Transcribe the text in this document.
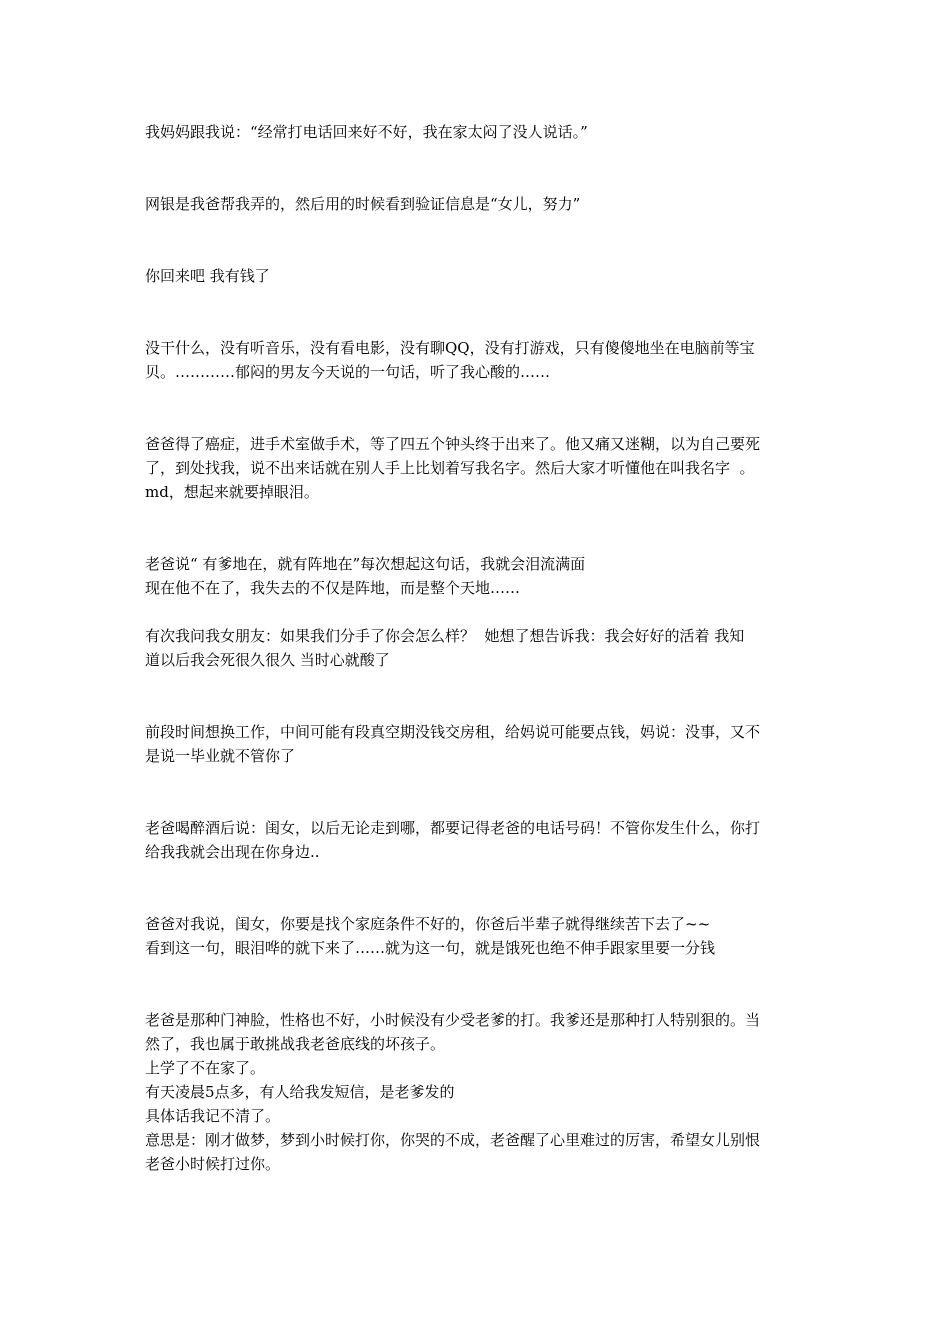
我妈妈跟我说：“经常打电话回来好不好，我在家太闷了没人说话。”
网银是我爸帮我弄的，然后用的时候看到验证信息是“女儿，努力”
你回来吧 我有钱了
没干什么，没有听音乐，没有看电影，没有聊QQ，没有打游戏，只有傻傻地坐在电脑前等宝
贝。…………郁闷的男友今天说的一句话，听了我心酸的……
爸爸得了癌症，进手术室做手术，等了四五个钟头终于出来了。他又痛又迷糊，以为自己要死
了，到处找我，说不出来话就在别人手上比划着写我名字。然后大家才听懂他在叫我名字  。
md，想起来就要掉眼泪。
老爸说“ 有爹地在，就有阵地在”每次想起这句话，我就会泪流满面
现在他不在了，我失去的不仅是阵地，而是整个天地……
有次我问我女朋友：如果我们分手了你会怎么样？  她想了想告诉我：我会好好的活着 我知
道以后我会死很久很久 当时心就酸了
前段时间想换工作，中间可能有段真空期没钱交房租，给妈说可能要点钱，妈说：没事，又不
是说一毕业就不管你了
老爸喝醉酒后说：闺女，以后无论走到哪，都要记得老爸的电话号码！不管你发生什么，你打
给我我就会出现在你身边..
爸爸对我说，闺女，你要是找个家庭条件不好的，你爸后半辈子就得继续苦下去了~~
看到这一句，眼泪哗的就下来了……就为这一句，就是饿死也绝不伸手跟家里要一分钱
老爸是那种门神脸，性格也不好，小时候没有少受老爹的打。我爹还是那种打人特别狠的。当
然了，我也属于敢挑战我老爸底线的坏孩子。
上学了不在家了。
有天凌晨5点多，有人给我发短信，是老爹发的
具体话我记不清了。
意思是：刚才做梦，梦到小时候打你，你哭的不成，老爸醒了心里难过的厉害，希望女儿别恨
老爸小时候打过你。
